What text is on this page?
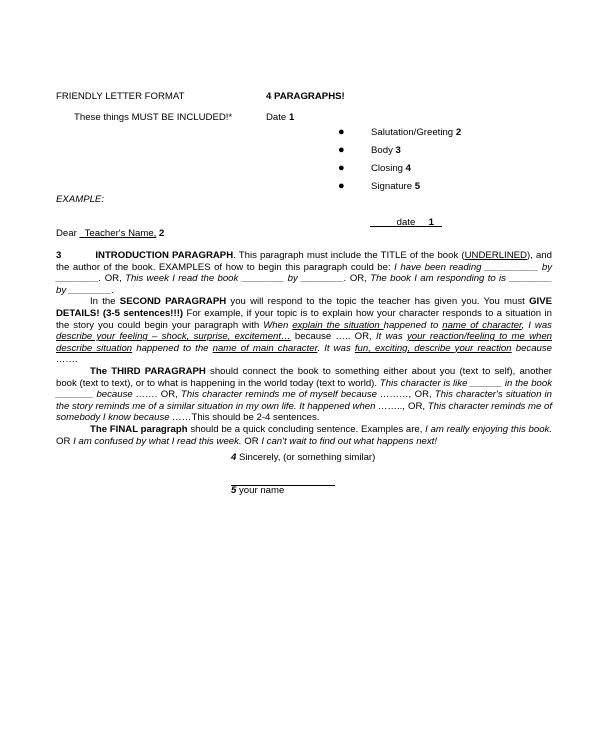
FRIENDLY LETTER FORMAT	4 PARAGRAPHS!
These things MUST BE INCLUDED!*	Date 1
●	Salutation/Greeting 2
●	Body 3
●	Closing 4
●	Signature 5
EXAMPLE:
date 1
Dear Teacher's Name, 2

3	INTRODUCTION PARAGRAPH. This paragraph must include the TITLE of the book (UNDERLINED), and the author of the book. EXAMPLES of how to begin this paragraph could be: I have been reading __________ by ________. OR, This week I read the book ________ by ________. OR, The book I am responding to is ________ by ________.

In the SECOND PARAGRAPH you will respond to the topic the teacher has given you. You must GIVE DETAILS! (3-5 sentences!!!) For example, if your topic is to explain how your character responds to a situation in the story you could begin your paragraph with When explain the situation happened to name of character, I was describe your feeling – shock, surprise, excitement… because ….. OR, It was your reaction/feeling to me when describe situation happened to the name of main character. It was fun, exciting, describe your reaction because …….

The THIRD PARAGRAPH should connect the book to something either about you (text to self), another book (text to text), or to what is happening in the world today (text to world). This character is like ______ in the book _______ because ……. OR, This character reminds me of myself because ………, OR, This character's situation in the story reminds me of a similar situation in my own life. It happened when …….., OR, This character reminds me of somebody I know because ……This should be 2-4 sentences.

The FINAL paragraph should be a quick concluding sentence. Examples are, I am really enjoying this book. OR I am confused by what I read this week. OR I can't wait to find out what happens next!

4 Sincerely, (or something similar)
5 your name
